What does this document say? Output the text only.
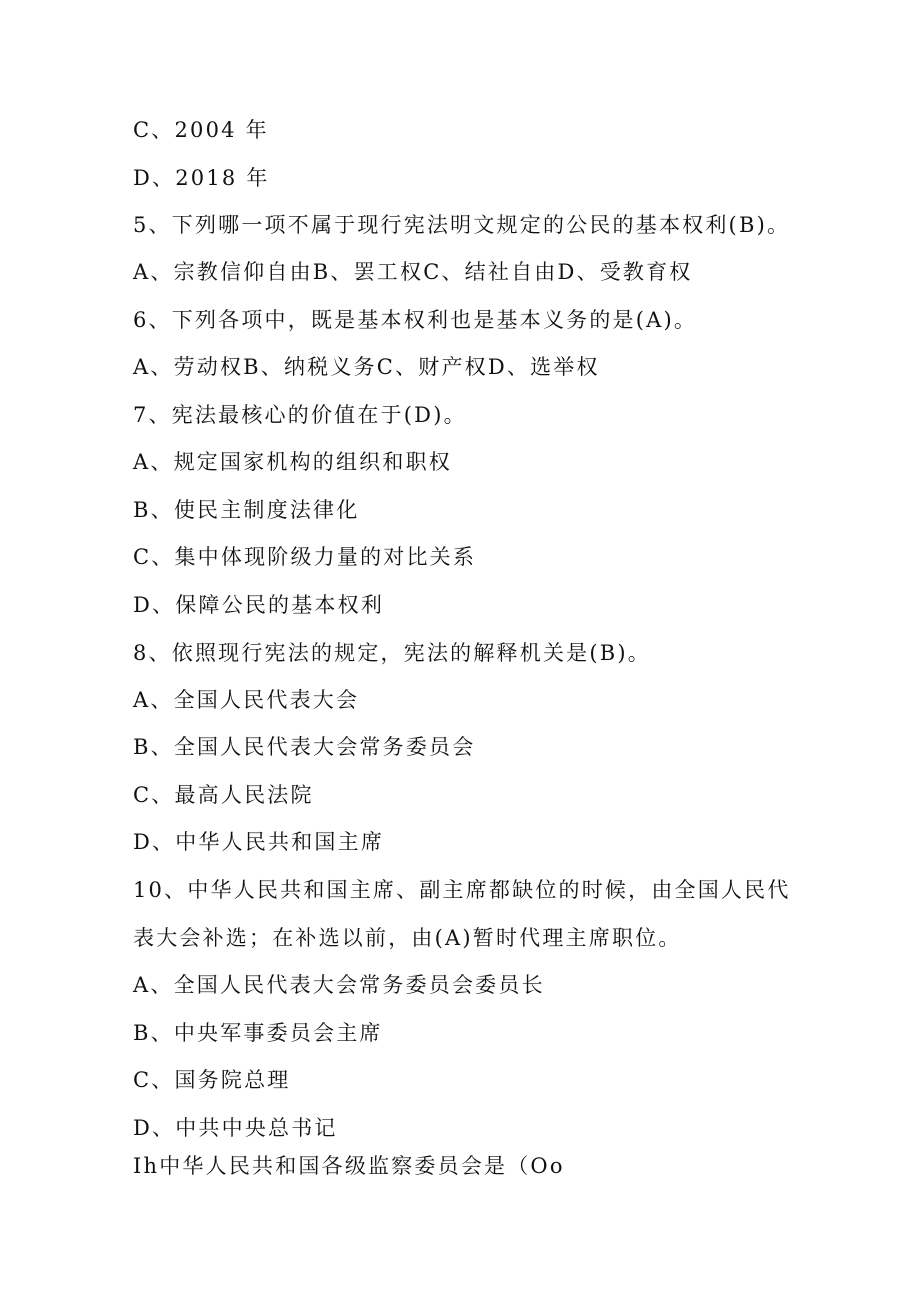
C、2004 年
D、2018 年
5、下列哪一项不属于现行宪法明文规定的公民的基本权利(B)。
A、宗教信仰自由B、罢工权C、结社自由D、受教育权
6、下列各项中，既是基本权利也是基本义务的是(A)。
A、劳动权B、纳税义务C、财产权D、选举权
7、宪法最核心的价值在于(D)。
A、规定国家机构的组织和职权
B、使民主制度法律化
C、集中体现阶级力量的对比关系
D、保障公民的基本权利
8、依照现行宪法的规定，宪法的解释机关是(B)。
A、全国人民代表大会
B、全国人民代表大会常务委员会
C、最高人民法院
D、中华人民共和国主席
10、中华人民共和国主席、副主席都缺位的时候，由全国人民代
表大会补选；在补选以前，由(A)暂时代理主席职位。
A、全国人民代表大会常务委员会委员长
B、中央军事委员会主席
C、国务院总理
D、中共中央总书记
Ih中华人民共和国各级监察委员会是（Oo
